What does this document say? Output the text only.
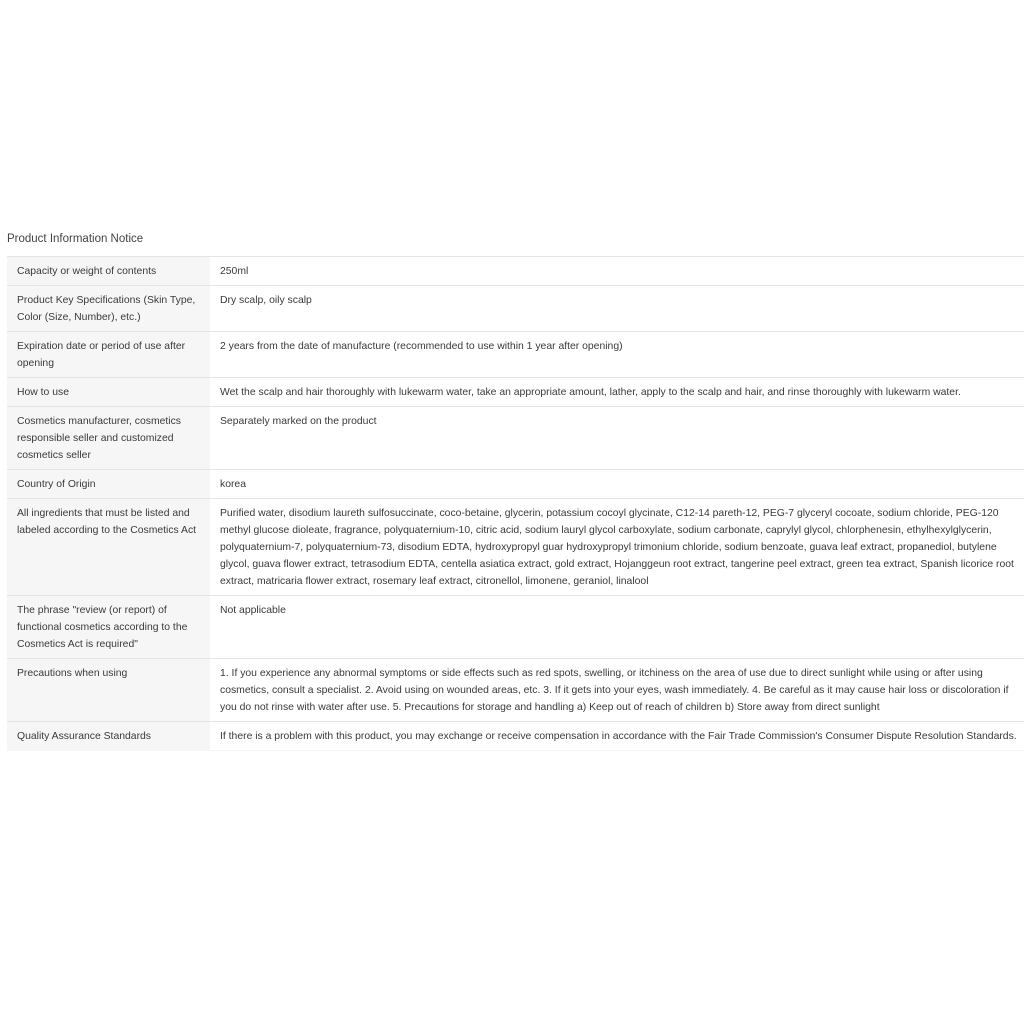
Product Information Notice
Capacity or weight of contents	250ml
Product Key Specifications (Skin Type, Color (Size, Number), etc.)	Dry scalp, oily scalp
Expiration date or period of use after opening	2 years from the date of manufacture (recommended to use within 1 year after opening)
How to use	Wet the scalp and hair thoroughly with lukewarm water, take an appropriate amount, lather, apply to the scalp and hair, and rinse thoroughly with lukewarm water.
Cosmetics manufacturer, cosmetics responsible seller and customized cosmetics seller	Separately marked on the product
Country of Origin	korea
All ingredients that must be listed and labeled according to the Cosmetics Act	Purified water, disodium laureth sulfosuccinate, coco-betaine, glycerin, potassium cocoyl glycinate, C12-14 pareth-12, PEG-7 glyceryl cocoate, sodium chloride, PEG-120 methyl glucose dioleate, fragrance, polyquaternium-10, citric acid, sodium lauryl glycol carboxylate, sodium carbonate, caprylyl glycol, chlorphenesin, ethylhexylglycerin, polyquaternium-7, polyquaternium-73, disodium EDTA, hydroxypropyl guar hydroxypropyl trimonium chloride, sodium benzoate, guava leaf extract, propanediol, butylene glycol, guava flower extract, tetrasodium EDTA, centella asiatica extract, gold extract, Hojanggeun root extract, tangerine peel extract, green tea extract, Spanish licorice root extract, matricaria flower extract, rosemary leaf extract, citronellol, limonene, geraniol, linalool
The phrase "review (or report) of functional cosmetics according to the Cosmetics Act is required"	Not applicable
Precautions when using	1. If you experience any abnormal symptoms or side effects such as red spots, swelling, or itchiness on the area of use due to direct sunlight while using or after using cosmetics, consult a specialist. 2. Avoid using on wounded areas, etc. 3. If it gets into your eyes, wash immediately. 4. Be careful as it may cause hair loss or discoloration if you do not rinse with water after use. 5. Precautions for storage and handling a) Keep out of reach of children b) Store away from direct sunlight
Quality Assurance Standards	If there is a problem with this product, you may exchange or receive compensation in accordance with the Fair Trade Commission's Consumer Dispute Resolution Standards.
